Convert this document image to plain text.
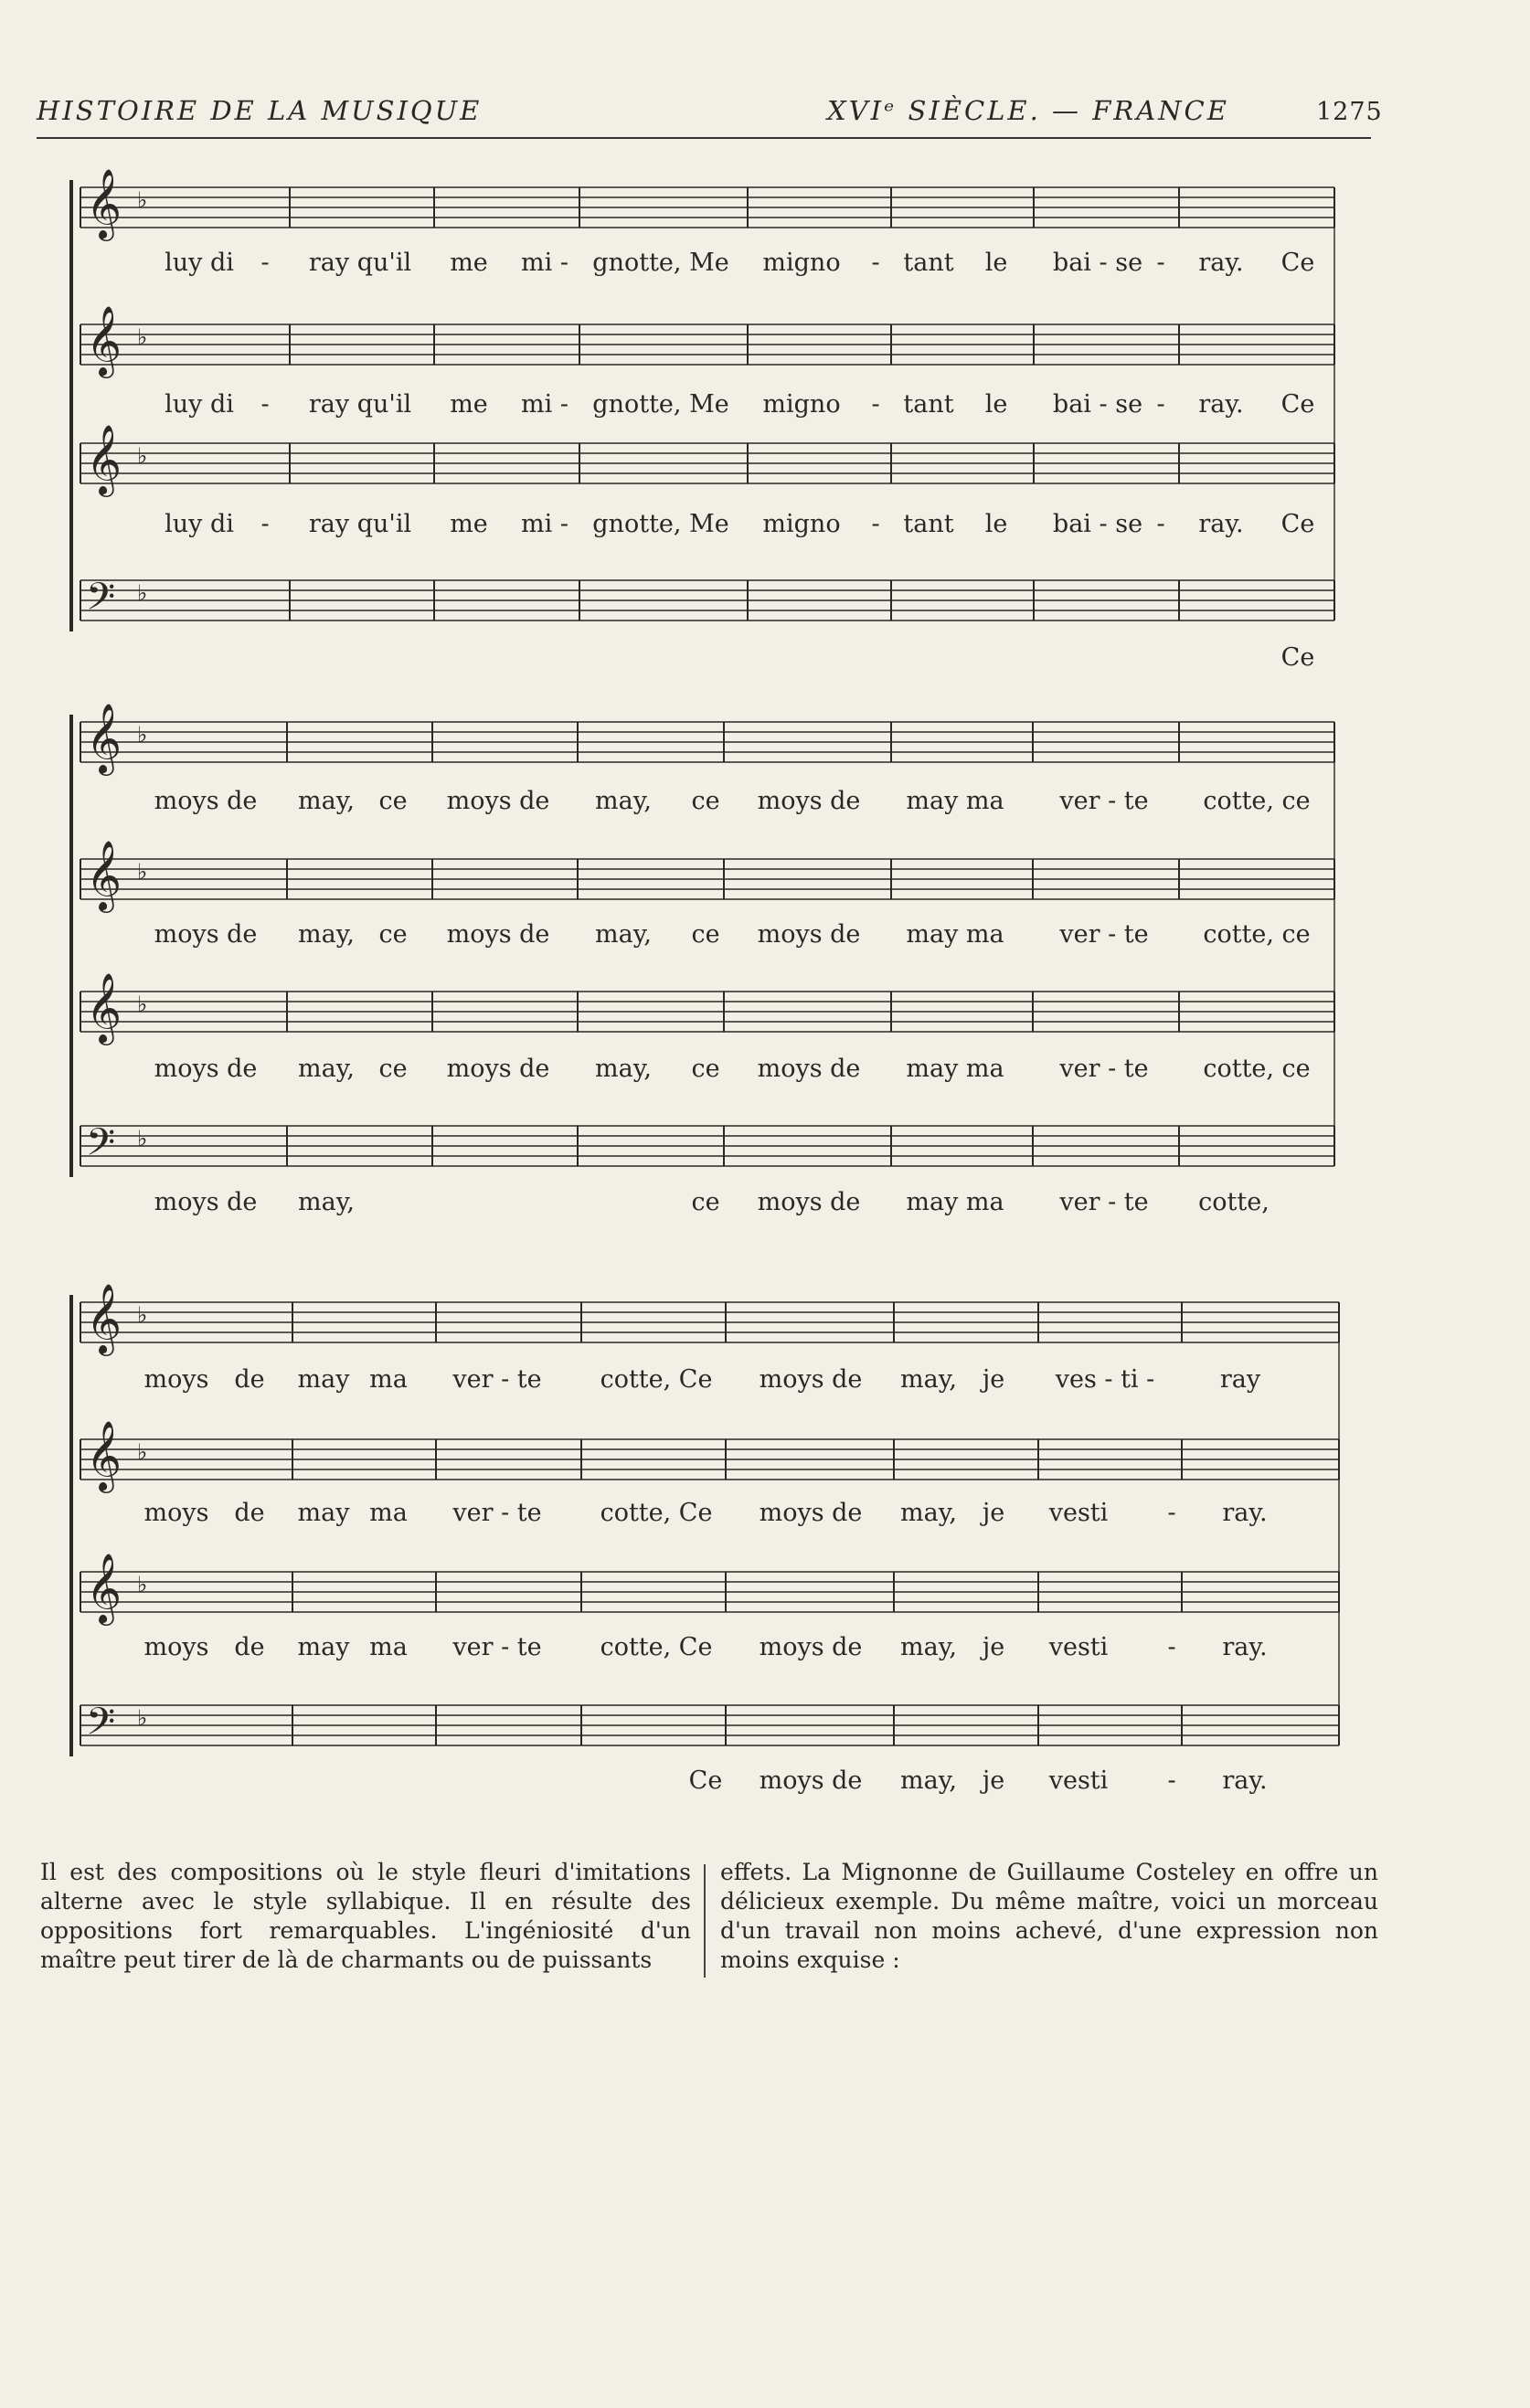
HISTOIRE DE LA MUSIQUE	XVIᵉ SIÈCLE. — FRANCE	1275
𝄞 ♭
𝄞 ♭
𝄞 ♭
𝄢 ♭
luy di - ray qu'il me mi - gnotte, Me migno - tant le bai - se - ray. Ce
luy di - ray qu'il me mi - gnotte, Me migno - tant le bai - se - ray. Ce
luy di - ray qu'il me mi - gnotte, Me migno - tant le bai - se - ray. Ce
Ce
𝄞 ♭
𝄞 ♭
𝄞 ♭
𝄢 ♭
moys de may, ce moys de may, ce moys de may ma ver - te cotte, ce
moys de may, ce moys de may, ce moys de may ma ver - te cotte, ce
moys de may, ce moys de may, ce moys de may ma ver - te cotte, ce
moys de may,	ce moys de may ma ver - te cotte,
𝄞 ♭
𝄞 ♭
𝄞 ♭
𝄢 ♭
moys de may ma ver - te cotte, Ce moys de may, je ves - ti -	ray
moys de may ma ver - te cotte, Ce moys de may, je vesti - ray.
moys de may ma ver - te cotte, Ce moys de may, je vesti - ray.
Ce moys de may, je vesti - ray.
Il est des compositions où le style fleuri d'imitations alterne avec le style syllabique. Il en résulte des oppositions fort remarquables. L'ingéniosité d'un maître peut tirer de là de charmants ou de puissants
effets. La Mignonne de Guillaume Costeley en offre un délicieux exemple. Du même maître, voici un morceau d'un travail non moins achevé, d'une expression non moins exquise :
